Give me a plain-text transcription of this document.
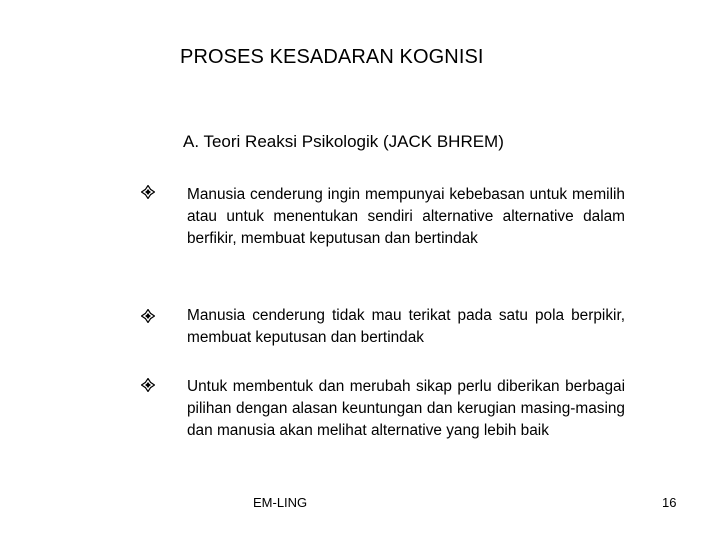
PROSES KESADARAN KOGNISI
A. Teori Reaksi Psikologik (JACK BHREM)
Manusia cenderung ingin mempunyai kebebasan untuk memilih atau untuk menentukan sendiri alternative alternative dalam berfikir, membuat keputusan dan bertindak
Manusia cenderung tidak mau terikat pada satu pola berpikir, membuat keputusan dan bertindak
Untuk membentuk dan merubah sikap perlu diberikan berbagai pilihan dengan alasan keuntungan dan kerugian masing-masing dan manusia akan melihat alternative yang lebih baik
EM-LING	16
